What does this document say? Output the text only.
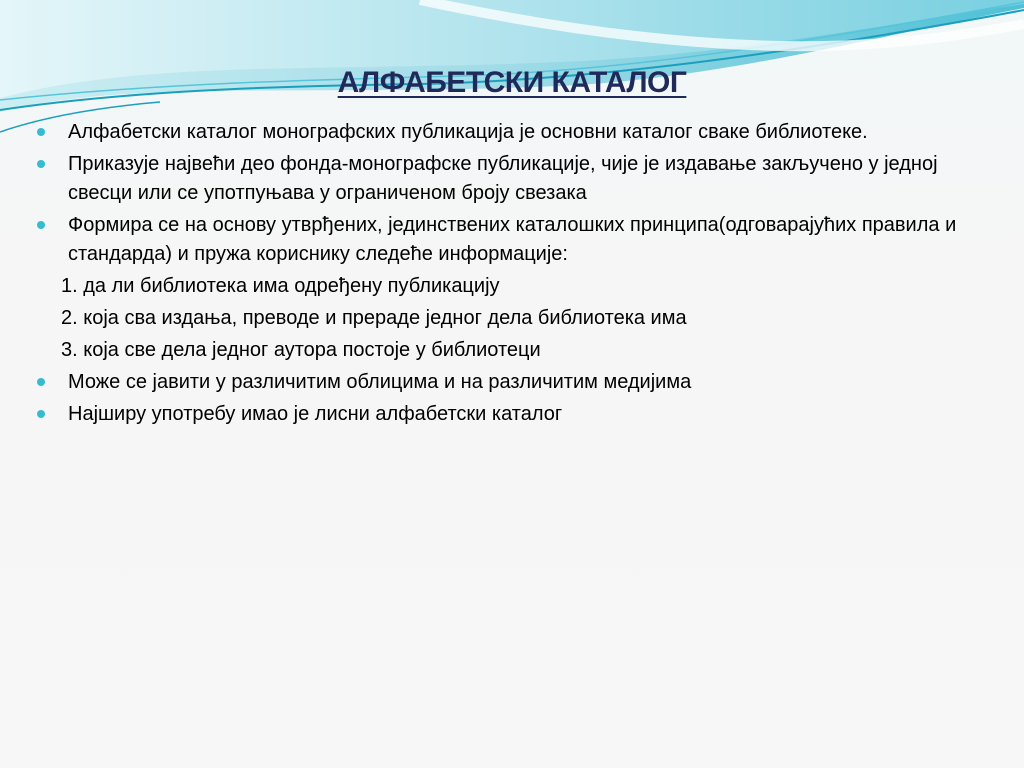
АЛФАБЕТСКИ КАТАЛОГ
Алфабетски каталог монографских публикација је основни каталог сваке библиотеке.
Приказује највећи део фонда-монографске публикације, чије је издавање закључено у једној свесци или се употпуњава у ограниченом броју свезака
Формира се на основу утврђених, јединствених каталошких принципа(одговарајућих правила и стандарда) и пружа кориснику следеће информације:
1. да ли библиотека има одређену публикацију
2. која сва издања, преводе и прераде једног дела библиотека има
3. која све дела једног аутора постоје у библиотеци
Може се јавити у различитим облицима и на различитим медијима
Најширу употребу имао је лисни алфабетски каталог
